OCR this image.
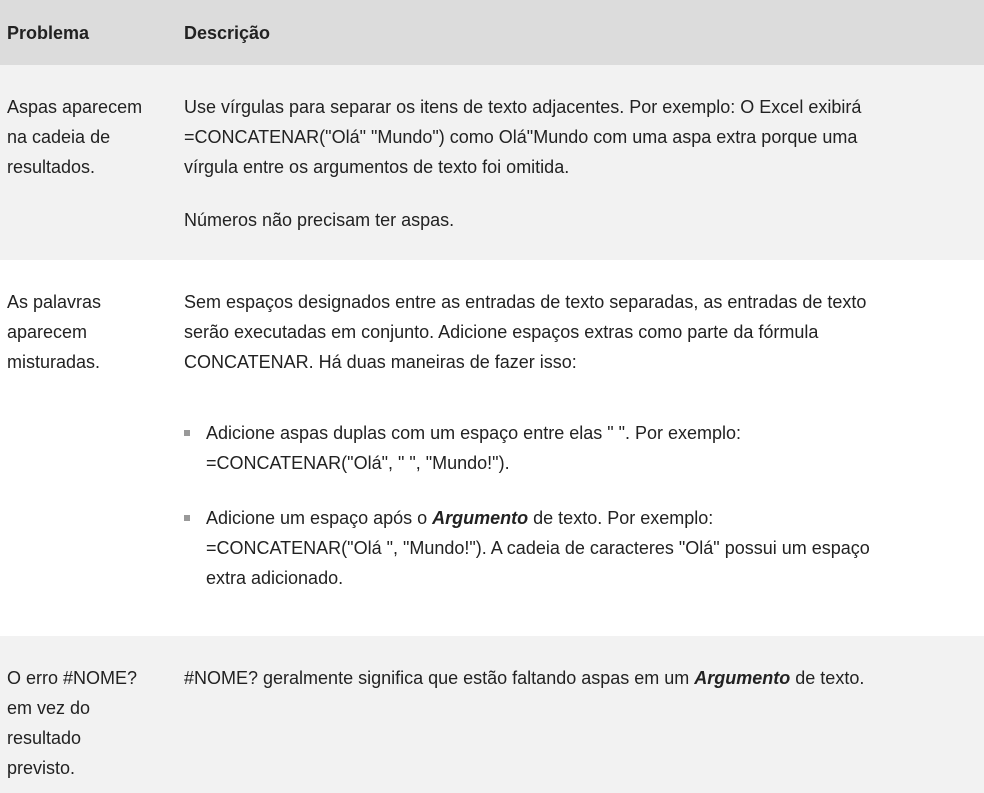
Problema	Descrição
Aspas aparecem
na cadeia de
resultados.
Use vírgulas para separar os itens de texto adjacentes. Por exemplo: O Excel exibirá
=CONCATENAR("Olá" "Mundo") como Olá"Mundo com uma aspa extra porque uma
vírgula entre os argumentos de texto foi omitida.
Números não precisam ter aspas.
As palavras
aparecem
misturadas.
Sem espaços designados entre as entradas de texto separadas, as entradas de texto
serão executadas em conjunto. Adicione espaços extras como parte da fórmula
CONCATENAR. Há duas maneiras de fazer isso:
Adicione aspas duplas com um espaço entre elas " ". Por exemplo:
=CONCATENAR("Olá", " ", "Mundo!").
Adicione um espaço após o Argumento de texto. Por exemplo:
=CONCATENAR("Olá ", "Mundo!"). A cadeia de caracteres "Olá" possui um espaço
extra adicionado.
O erro #NOME?
em vez do
resultado
previsto.
#NOME? geralmente significa que estão faltando aspas em um Argumento de texto.
